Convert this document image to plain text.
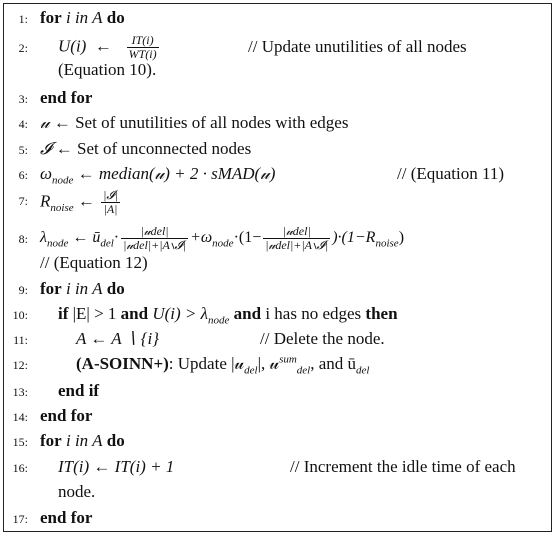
1: for i in A do
2: U(i) ← $\frac{IT(i)}{WT(i)}$	// Update unutilities of all nodes
(Equation 10).
3: end for
4: 𝓊 ← Set of unutilities of all nodes with edges
5: 𝓘 ← Set of unconnected nodes
6: $\omega_{node}$ ← median(𝓊) + 2 · sMAD(𝓊)	// (Equation 11)
7: $R_{noise}$ ← $\frac{\text{|𝓘|}}{|A|}$
8: $\lambda_{node}$ ← $ū_{del}\cdot \frac{\text{|𝓊del|}}{\text{|𝓊del|+|A∖𝓘|}} +\omega_{node}\cdot(1- \frac{\text{|𝓊del|}}{\text{|𝓊del|+|A∖𝓘|}} )\cdot(1-R_{noise})$
// (Equation 12)
9: for i in A do
10: if |E| > 1 and $U(i) > \lambda_{node}$ and i has no edges then
11:	A ← A ∖ {i}	// Delete the node.
12:	(A-SOINN+): Update |𝓊$_{del}$|, 𝓊$^{sum}_{del}$, and $ū_{del}$
13: end if
14: end for
15: for i in A do
16: IT(i) ← IT(i) + 1	// Increment the idle time of each
node.
17: end for
